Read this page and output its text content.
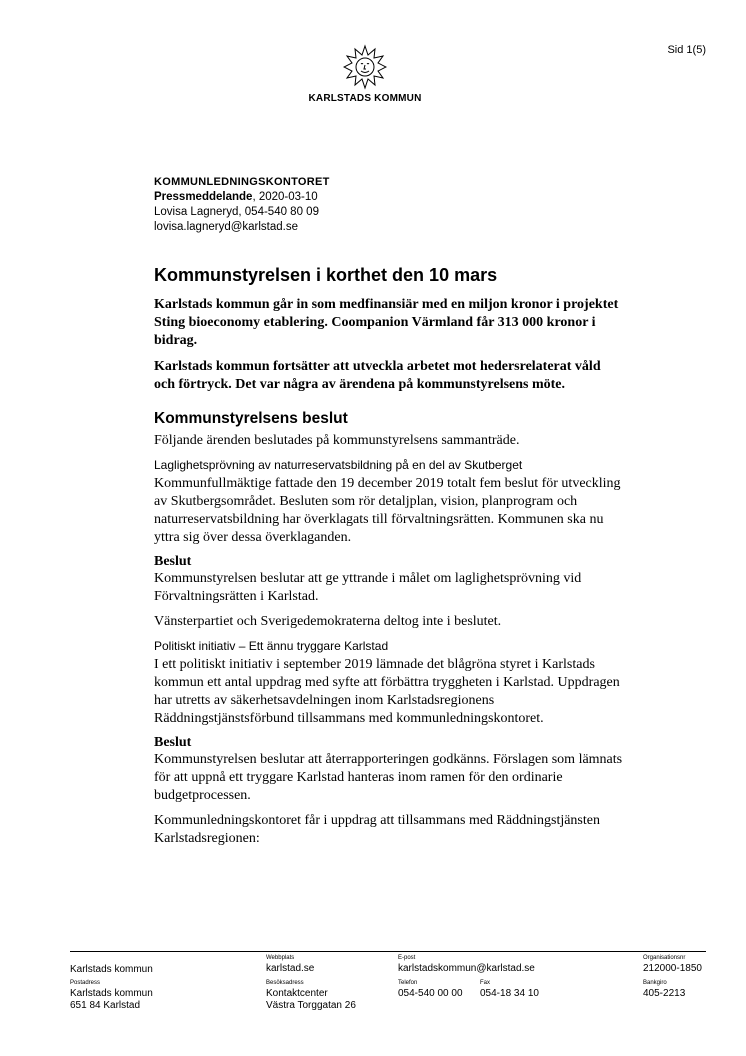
Sid 1(5)
KARLSTADS KOMMUN
KOMMUNLEDNINGSKONTORET
Pressmeddelande, 2020-03-10
Lovisa Lagneryd, 054-540 80 09
lovisa.lagneryd@karlstad.se
Kommunstyrelsen i korthet den 10 mars

Karlstads kommun går in som medfinansiär med en miljon kronor i projektet Sting bioeconomy etablering. Coompanion Värmland får 313 000 kronor i bidrag.

Karlstads kommun fortsätter att utveckla arbetet mot hedersrelaterat våld och förtryck. Det var några av ärendena på kommunstyrelsens möte.

Kommunstyrelsens beslut

Följande ärenden beslutades på kommunstyrelsens sammanträde.

Laglighetsprövning av naturreservatsbildning på en del av Skutberget

Kommunfullmäktige fattade den 19 december 2019 totalt fem beslut för utveckling av Skutbergsområdet. Besluten som rör detaljplan, vision, planprogram och naturreservatsbildning har överklagats till förvaltningsrätten. Kommunen ska nu yttra sig över dessa överklaganden.

Beslut

Kommunstyrelsen beslutar att ge yttrande i målet om laglighetsprövning vid Förvaltningsrätten i Karlstad.

Vänsterpartiet och Sverigedemokraterna deltog inte i beslutet.

Politiskt initiativ – Ett ännu tryggare Karlstad

I ett politiskt initiativ i september 2019 lämnade det blågröna styret i Karlstads kommun ett antal uppdrag med syfte att förbättra tryggheten i Karlstad. Uppdragen har utretts av säkerhetsavdelningen inom Karlstadsregionens Räddningstjänstsförbund tillsammans med kommunledningskontoret.

Beslut

Kommunstyrelsen beslutar att återrapporteringen godkänns. Förslagen som lämnats för att uppnå ett tryggare Karlstad hanteras inom ramen för den ordinarie budgetprocessen.

Kommunledningskontoret får i uppdrag att tillsammans med Räddningstjänsten Karlstadsregionen:

Karlstads kommun
Webbplats
karlstad.se
E-post
karlstadskommun@karlstad.se
Organisationsnr
212000-1850
Postadress
Karlstads kommun
651 84 Karlstad
Besöksadress
Kontaktcenter
Västra Torggatan 26
Telefon
054-540 00 00
Fax
054-18 34 10
Bankgiro
405-2213
